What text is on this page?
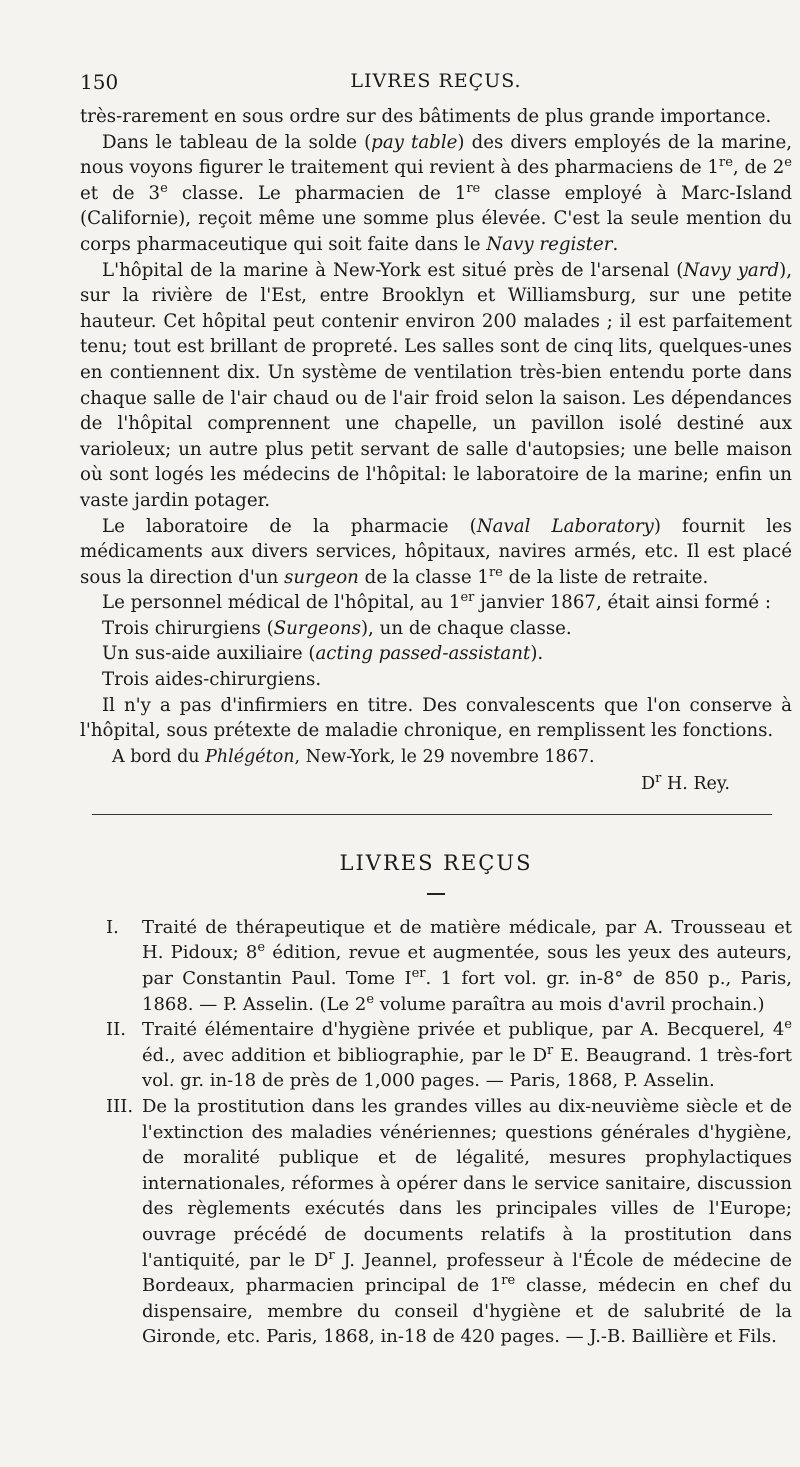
150	LIVRES REÇUS.

très-rarement en sous ordre sur des bâtiments de plus grande importance.

Dans le tableau de la solde (pay table) des divers employés de la marine, nous voyons figurer le traitement qui revient à des pharmaciens de 1re, de 2e et de 3e classe. Le pharmacien de 1re classe employé à Marc-Island (Californie), reçoit même une somme plus élevée. C'est la seule mention du corps pharmaceutique qui soit faite dans le Navy register.

L'hôpital de la marine à New-York est situé près de l'arsenal (Navy yard), sur la rivière de l'Est, entre Brooklyn et Williamsburg, sur une petite hauteur. Cet hôpital peut contenir environ 200 malades ; il est parfaitement tenu; tout est brillant de propreté. Les salles sont de cinq lits, quelques-unes en contiennent dix. Un système de ventilation très-bien entendu porte dans chaque salle de l'air chaud ou de l'air froid selon la saison. Les dépendances de l'hôpital comprennent une chapelle, un pavillon isolé destiné aux varioleux; un autre plus petit servant de salle d'autopsies; une belle maison où sont logés les médecins de l'hôpital: le laboratoire de la marine; enfin un vaste jardin potager.

Le laboratoire de la pharmacie (Naval Laboratory) fournit les médicaments aux divers services, hôpitaux, navires armés, etc. Il est placé sous la direction d'un surgeon de la classe 1re de la liste de retraite.

Le personnel médical de l'hôpital, au 1er janvier 1867, était ainsi formé :

Trois chirurgiens (Surgeons), un de chaque classe.

Un sus-aide auxiliaire (acting passed-assistant).

Trois aides-chirurgiens.

Il n'y a pas d'infirmiers en titre. Des convalescents que l'on conserve à l'hôpital, sous prétexte de maladie chronique, en remplissent les fonctions.

A bord du Phlégéton, New-York, le 29 novembre 1867.

$D^r$ H. Rey.
LIVRES REÇUS
I. Traité de thérapeutique et de matière médicale, par A. Trousseau et H. Pidoux; 8e édition, revue et augmentée, sous les yeux des auteurs, par Constantin Paul. Tome Ier. 1 fort vol. gr. in-8° de 850 p., Paris, 1868. — P. Asselin. (Le 2e volume paraîtra au mois d'avril prochain.)
II. Traité élémentaire d'hygiène privée et publique, par A. Becquerel, 4e éd., avec addition et bibliographie, par le $D^r$ E. Beaugrand. 1 très-fort vol. gr. in-18 de près de 1,000 pages. — Paris, 1868, P. Asselin.
III. De la prostitution dans les grandes villes au dix-neuvième siècle et de l'extinction des maladies vénériennes; questions générales d'hygiène, de moralité publique et de légalité, mesures prophylactiques internationales, réformes à opérer dans le service sanitaire, discussion des règlements exécutés dans les principales villes de l'Europe; ouvrage précédé de documents relatifs à la prostitution dans l'antiquité, par le $D^r$ J. Jeannel, professeur à l'École de médecine de Bordeaux, pharmacien principal de 1re classe, médecin en chef du dispensaire, membre du conseil d'hygiène et de salubrité de la Gironde, etc. Paris, 1868, in-18 de 420 pages. — J.-B. Baillière et Fils.
